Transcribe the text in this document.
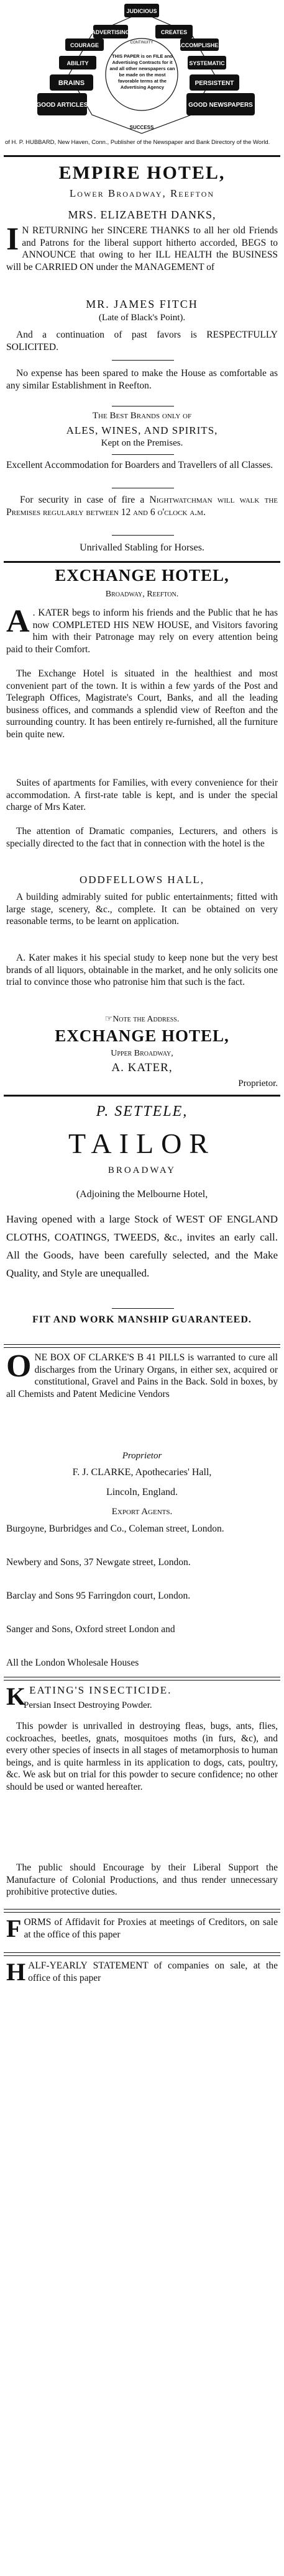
JUDICIOUS
ADVERTISING	CREATES
COURAGE	ACCOMPLISHES
ABILITY	SYSTEMATIC
BRAINS	PERSISTENT
GOOD ARTICLES	GOOD NEWSPAPERS
CONTINUITY
SUCCESS
THIS PAPER is on FILE and Advertising Contracts for it and all other newspapers can be made on the most favorable terms at the Advertising Agency
of H. P. HUBBARD, New Haven, Conn., Publisher of the Newspaper and Bank Directory of the World.
EMPIRE HOTEL,
Lower Broadway, Reefton
MRS. ELIZABETH DANKS,
I N RETURNING her SINCERE THANKS to all her old Friends and Patrons for the liberal support hitherto accorded, BEGS to ANNOUNCE that owing to her ILL HEALTH the BUSINESS will be CARRIED ON under the MANAGEMENT of
MR. JAMES FITCH
(Late of Black's Point).
And a continuation of past favors is RESPECTFULLY SOLICITED.
No expense has been spared to make the House as comfortable as any similar Establishment in Reefton.
The Best Brands only of
ALES, WINES, AND SPIRITS,
Kept on the Premises.
Excellent Accommodation for Boarders and Travellers of all Classes.
For security in case of fire a Nightwatchman will walk the Premises regularly between 12 and 6 o'clock a.m.
Unrivalled Stabling for Horses.
EXCHANGE HOTEL,
Broadway, Reefton.
A . KATER begs to inform his friends and the Public that he has now COMPLETED HIS NEW HOUSE, and Visitors favoring him with their Patronage may rely on every attention being paid to their Comfort.
The Exchange Hotel is situated in the healthiest and most convenient part of the town. It is within a few yards of the Post and Telegraph Offices, Magistrate's Court, Banks, and all the leading business offices, and commands a splendid view of Reefton and the surrounding country. It has been entirely re-furnished, all the furniture bein quite new.
Suites of apartments for Families, with every convenience for their accommodation. A first-rate table is kept, and is under the special charge of Mrs Kater.
The attention of Dramatic companies, Lecturers, and others is specially directed to the fact that in connection with the hotel is the
ODDFELLOWS HALL,
A building admirably suited for public entertainments; fitted with large stage, scenery, &c., complete. It can be obtained on very reasonable terms, to be learnt on application.
A. Kater makes it his special study to keep none but the very best brands of all liquors, obtainable in the market, and he only solicits one trial to convince those who patronise him that such is the fact.
☞Note the Address.
EXCHANGE HOTEL,
Upper Broadway,
A. KATER,
Proprietor.
P. SETTELE,
TAILOR
BROADWAY
(Adjoining the Melbourne Hotel,
Having opened with a large Stock of WEST OF ENGLAND CLOTHS, COATINGS, TWEEDS, &c., invites an early call. All the Goods, have been carefully selected, and the Make Quality, and Style are unequalled.
FIT AND WORK MANSHIP GUARANTEED.
ONE BOX OF CLARKE'S B 41 PILLS is warranted to cure all discharges from the Urinary Organs, in either sex, acquired or constitutional, Gravel and Pains in the Back. Sold in boxes, by all Chemists and Patent Medicine Vendors
Proprietor
F. J. CLARKE, Apothecaries' Hall,
Lincoln, England.
Export Agents.
Burgoyne, Burbridges and Co., Coleman street, London.
Newbery and Sons, 37 Newgate street, London.
Barclay and Sons 95 Farringdon court, London.
Sanger and Sons, Oxford street London and
All the London Wholesale Houses
KEATING'S INSECTICIDE.
Persian Insect Destroying Powder.
This powder is unrivalled in destroying fleas, bugs, ants, flies, cockroaches, beetles, gnats, mosquitoes moths (in furs, &c), and every other species of insects in all stages of metamorphosis to human beings, and is quite harmless in its application to dogs, cats, poultry, &c. We ask but on trial for this powder to secure confidence; no other should be used or wanted hereafter.
The public should Encourage by their Liberal Support the Manufacture of Colonial Productions, and thus render unnecessary prohibitive protective duties.
FORMS of Affidavit for Proxies at meetings of Creditors, on sale at the office of this paper
HALF-YEARLY STATEMENT of companies on sale, at the office of this paper
